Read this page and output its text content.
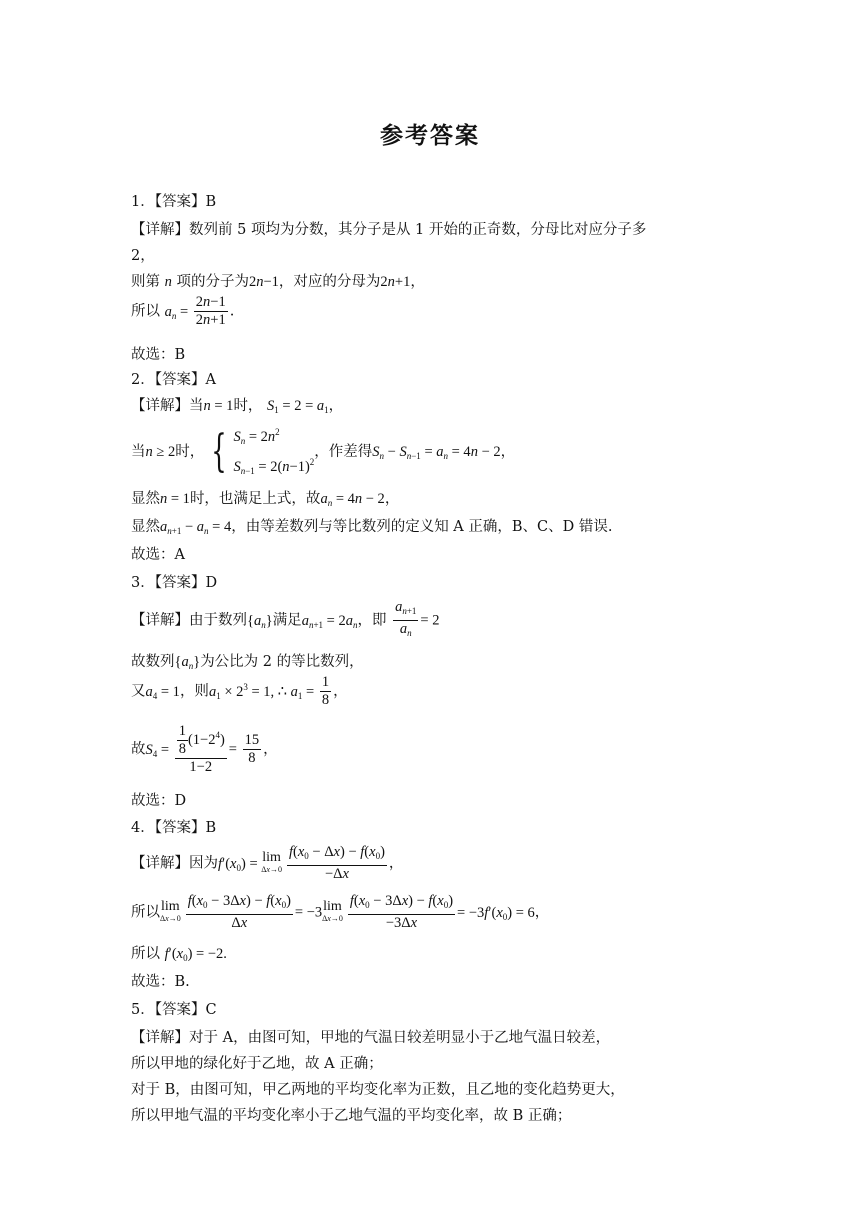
参考答案
1．【答案】B
【详解】数列前 5 项均为分数，其分子是从 1 开始的正奇数，分母比对应分子多
2，
则第 n 项的分子为2n−1，对应的分母为2n+1，
所以 $a_n = \frac{2n-1}{2n+1}$ .
故选：B
2．【答案】A
【详解】当n = 1时， $S_1 = 2 = a_1$，
当n ≥ 2时， { $S_n = 2n^2$
$S_{n-1} = 2(n-1)^2$
，作差得$S_n - S_{n-1} = a_n = 4n - 2$，
显然n = 1时，也满足上式，故$a_n = 4n - 2$，
显然$a_{n+1} - a_n = 4$，由等差数列与等比数列的定义知 A 正确，B、C、D 错误.
故选：A
3．【答案】D
【详解】由于数列$\{a_n\}$满足$a_{n+1} = 2a_n$，即 $\frac{a_{n+1}}{a_n} = 2$
故数列$\{a_n\}$为公比为 2 的等比数列，
又$a_4 = 1$，则$a_1 \times 2^3 = 1$, ∴ $a_1 = \frac{1}{8}$ ，
故$S_4 = \frac{\frac{1}{8} (1-2^4)}{1-2} = \frac{15}{8}$ ，
故选：D
4．【答案】B
【详解】因为$f'(x_0) = \lim$
$\Delta x\to 0 \frac{f(x_0 - \Delta x) - f(x_0)}{-\Delta x}$ ，
所以 lim
$\Delta x\to 0 \frac{f(x_0 - 3\Delta x) - f(x_0)}{\Delta x} = -3$ lim
$\Delta x\to 0 \frac{f(x_0 - 3\Delta x) - f(x_0)}{-3\Delta x} = -3f'(x_0) = 6$，
所以 $f'(x_0) = -2$.
故选：B.
5．【答案】C
【详解】对于 A，由图可知，甲地的气温日较差明显小于乙地气温日较差，
所以甲地的绿化好于乙地，故 A 正确；
对于 B，由图可知，甲乙两地的平均变化率为正数，且乙地的变化趋势更大，
所以甲地气温的平均变化率小于乙地气温的平均变化率，故 B 正确；
